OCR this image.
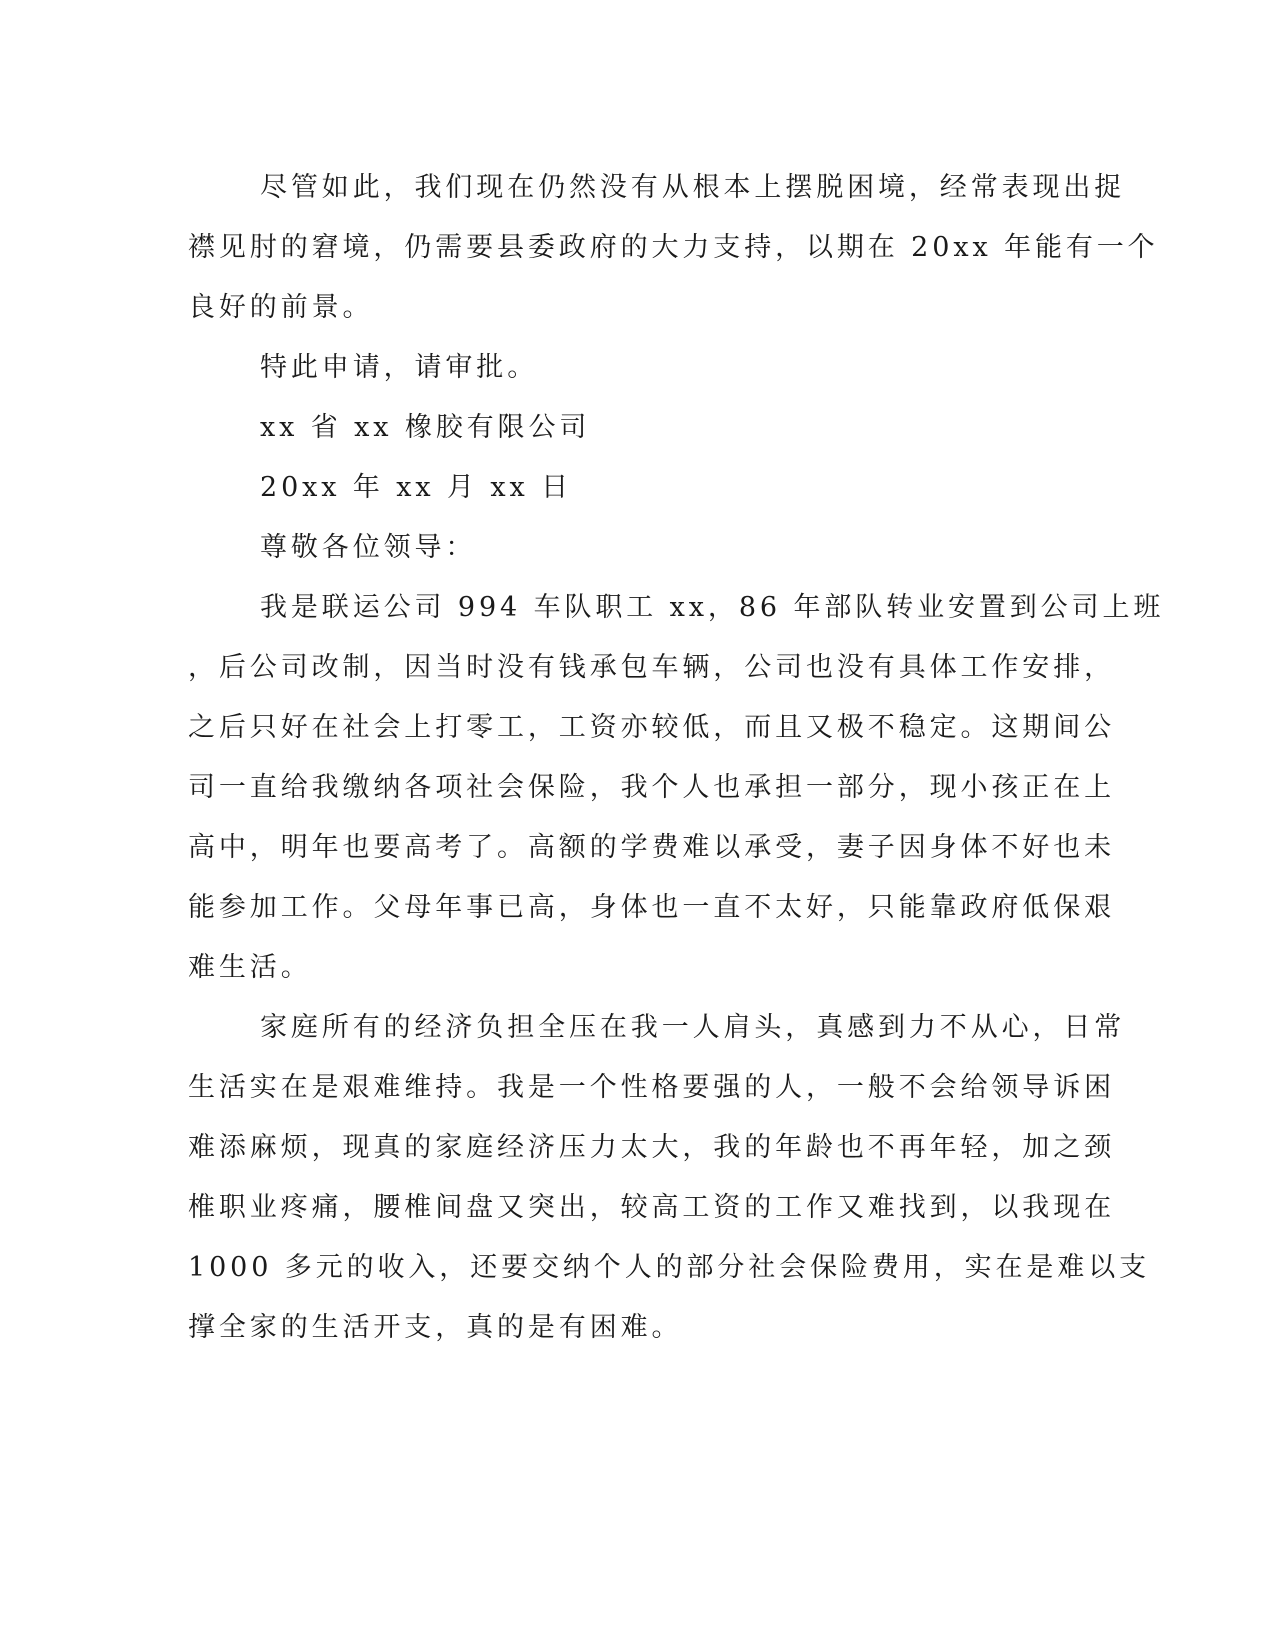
尽管如此，我们现在仍然没有从根本上摆脱困境，经常表现出捉
襟见肘的窘境，仍需要县委政府的大力支持，以期在 20xx 年能有一个
良好的前景。
特此申请，请审批。
xx 省 xx 橡胶有限公司
20xx 年 xx 月 xx 日
尊敬各位领导：
我是联运公司 994 车队职工 xx，86 年部队转业安置到公司上班
，后公司改制，因当时没有钱承包车辆，公司也没有具体工作安排，
之后只好在社会上打零工，工资亦较低，而且又极不稳定。这期间公
司一直给我缴纳各项社会保险，我个人也承担一部分，现小孩正在上
高中，明年也要高考了。高额的学费难以承受，妻子因身体不好也未
能参加工作。父母年事已高，身体也一直不太好，只能靠政府低保艰
难生活。
家庭所有的经济负担全压在我一人肩头，真感到力不从心，日常
生活实在是艰难维持。我是一个性格要强的人，一般不会给领导诉困
难添麻烦，现真的家庭经济压力太大，我的年龄也不再年轻，加之颈
椎职业疼痛，腰椎间盘又突出，较高工资的工作又难找到，以我现在
1000 多元的收入，还要交纳个人的部分社会保险费用，实在是难以支
撑全家的生活开支，真的是有困难。
